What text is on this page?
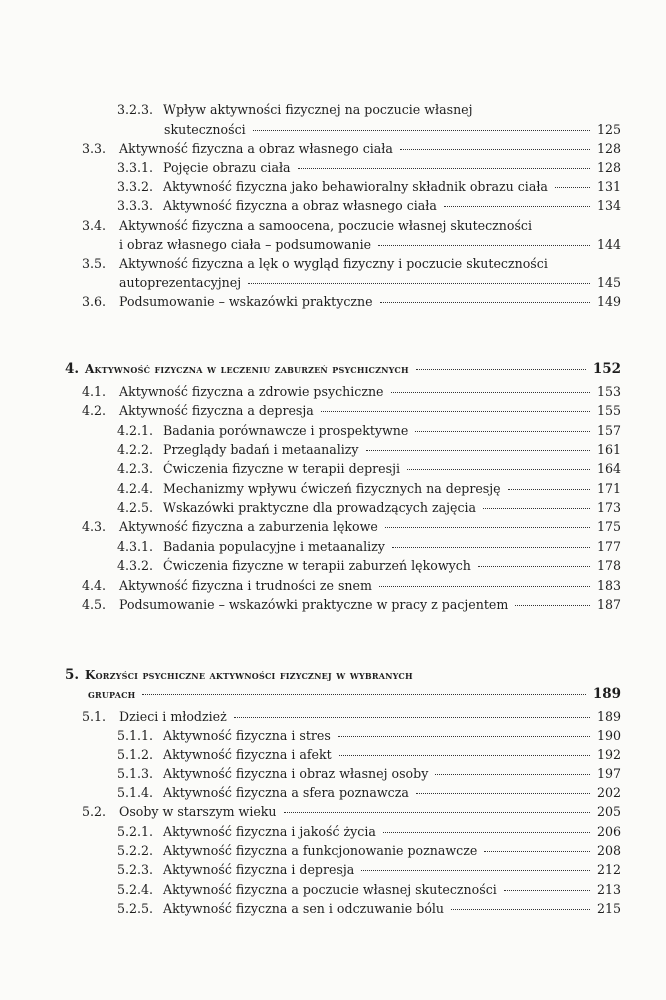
3.2.3. Wpływ aktywności fizycznej na poczucie własnej
skuteczności	125
3.3.	Aktywność fizyczna a obraz własnego ciała	128
3.3.1. Pojęcie obrazu ciała	128
3.3.2. Aktywność fizyczna jako behawioralny składnik obrazu ciała	131
3.3.3. Aktywność fizyczna a obraz własnego ciała	134
3.4.	Aktywność fizyczna a samoocena, poczucie własnej skuteczności
i obraz własnego ciała – podsumowanie	144
3.5.	Aktywność fizyczna a lęk o wygląd fizyczny i poczucie skuteczności
autoprezentacyjnej	145
3.6.	Podsumowanie – wskazówki praktyczne	149
4. Aktywność fizyczna w leczeniu zaburzeń psychicznych	152
4.1.	Aktywność fizyczna a zdrowie psychiczne	153
4.2.	Aktywność fizyczna a depresja	155
4.2.1. Badania porównawcze i prospektywne	157
4.2.2. Przeglądy badań i metaanalizy	161
4.2.3. Ćwiczenia fizyczne w terapii depresji	164
4.2.4. Mechanizmy wpływu ćwiczeń fizycznych na depresję	171
4.2.5. Wskazówki praktyczne dla prowadzących zajęcia	173
4.3.	Aktywność fizyczna a zaburzenia lękowe	175
4.3.1. Badania populacyjne i metaanalizy	177
4.3.2. Ćwiczenia fizyczne w terapii zaburzeń lękowych	178
4.4.	Aktywność fizyczna i trudności ze snem	183
4.5.	Podsumowanie – wskazówki praktyczne w pracy z pacjentem	187
5. Korzyści psychiczne aktywności fizycznej w wybranych
grupach	189
5.1.	Dzieci i młodzież	189
5.1.1. Aktywność fizyczna i stres	190
5.1.2. Aktywność fizyczna i afekt	192
5.1.3. Aktywność fizyczna i obraz własnej osoby	197
5.1.4. Aktywność fizyczna a sfera poznawcza	202
5.2.	Osoby w starszym wieku	205
5.2.1. Aktywność fizyczna i jakość życia	206
5.2.2. Aktywność fizyczna a funkcjonowanie poznawcze	208
5.2.3. Aktywność fizyczna i depresja	212
5.2.4. Aktywność fizyczna a poczucie własnej skuteczności	213
5.2.5. Aktywność fizyczna a sen i odczuwanie bólu	215
